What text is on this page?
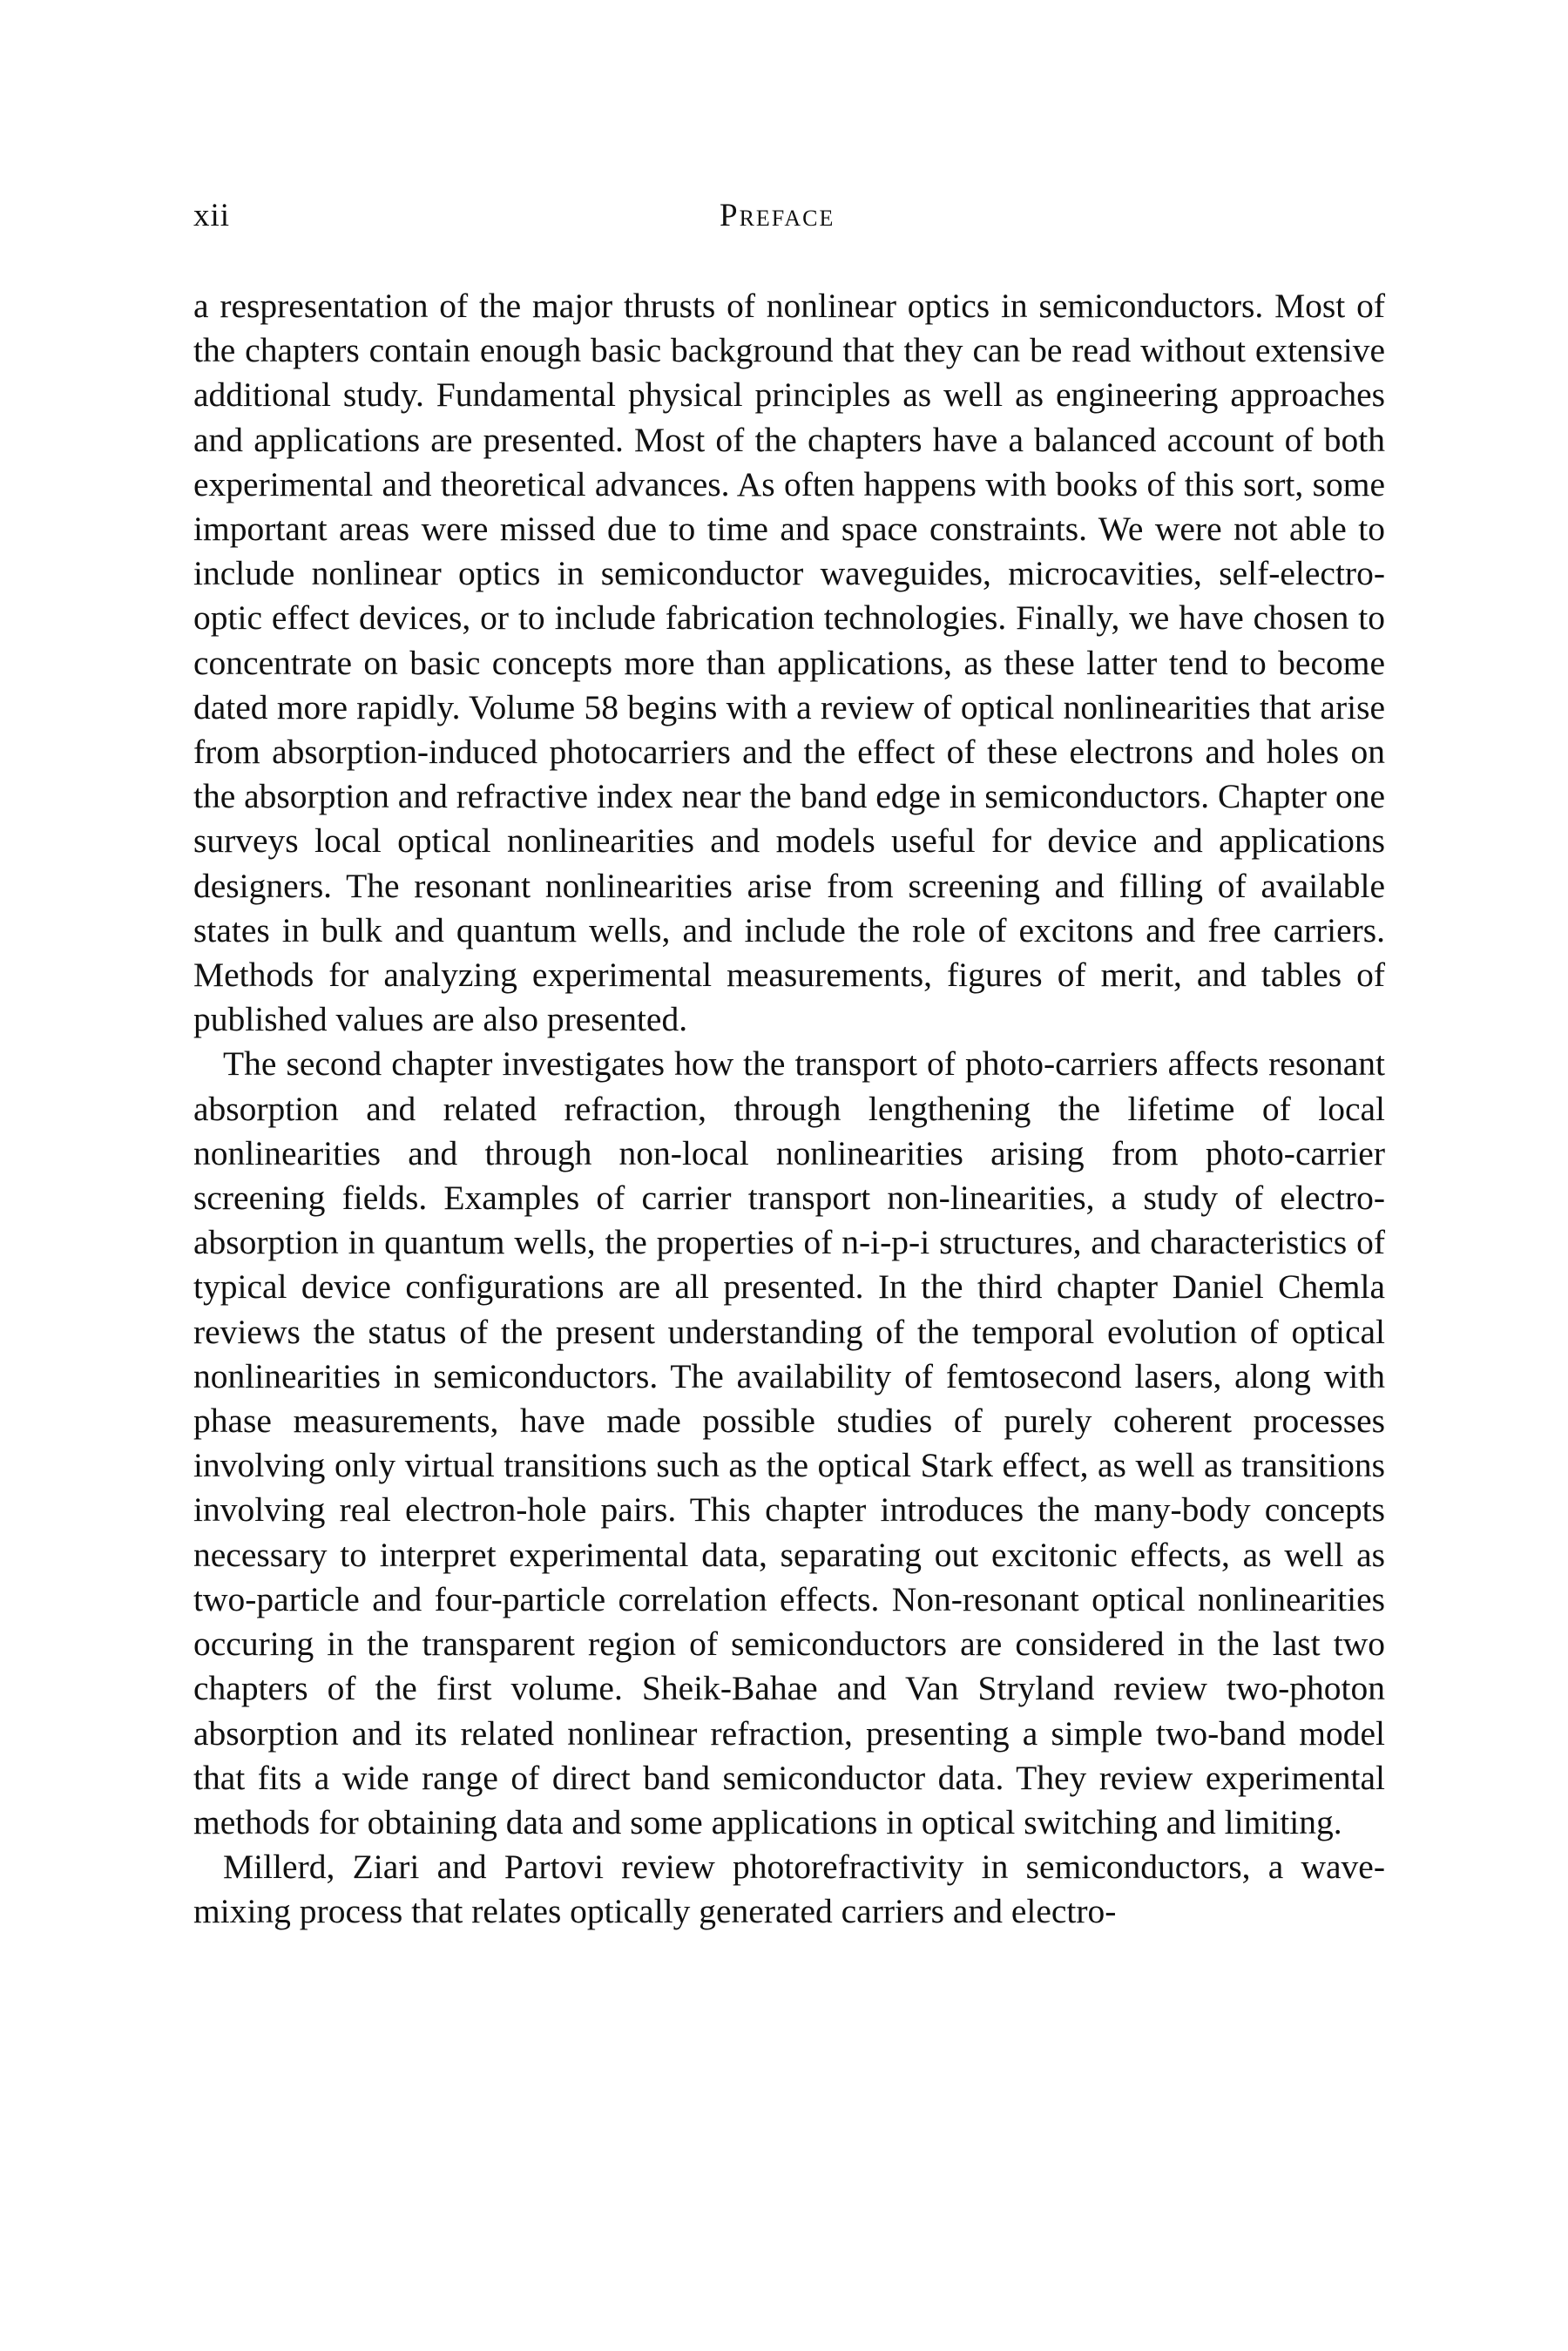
xii	Preface

a respresentation of the major thrusts of nonlinear optics in semiconductors. Most of the chapters contain enough basic background that they can be read without extensive additional study. Fundamental physical principles as well as engineering approaches and applications are presented. Most of the chapters have a balanced account of both experimental and theoretical advances. As often happens with books of this sort, some important areas were missed due to time and space constraints. We were not able to include nonlinear optics in semiconductor waveguides, microcavities, self-electro-optic effect devices, or to include fabrication technologies. Finally, we have chosen to concentrate on basic concepts more than applications, as these latter tend to become dated more rapidly. Volume 58 begins with a review of optical nonlinearities that arise from absorption-induced photocarriers and the effect of these electrons and holes on the absorption and refractive index near the band edge in semiconductors. Chapter one surveys local optical nonlinearities and models useful for device and applications designers. The resonant nonlinearities arise from screening and filling of available states in bulk and quantum wells, and include the role of excitons and free carriers. Methods for analyzing experimental measurements, figures of merit, and tables of published values are also presented.

The second chapter investigates how the transport of photo-carriers affects resonant absorption and related refraction, through lengthening the lifetime of local nonlinearities and through non-local nonlinearities arising from photo-carrier screening fields. Examples of carrier transport non-linearities, a study of electro-absorption in quantum wells, the properties of n-i-p-i structures, and characteristics of typical device configurations are all presented. In the third chapter Daniel Chemla reviews the status of the present understanding of the temporal evolution of optical nonlinearities in semiconductors. The availability of femtosecond lasers, along with phase measurements, have made possible studies of purely coherent processes involving only virtual transitions such as the optical Stark effect, as well as transitions involving real electron-hole pairs. This chapter introduces the many-body concepts necessary to interpret experimental data, separating out excitonic effects, as well as two-particle and four-particle correlation effects. Non-resonant optical nonlinearities occuring in the transparent region of semiconductors are considered in the last two chapters of the first volume. Sheik-Bahae and Van Stryland review two-photon absorption and its related nonlinear refraction, presenting a simple two-band model that fits a wide range of direct band semiconductor data. They review experimental methods for obtaining data and some applications in optical switching and limiting.

Millerd, Ziari and Partovi review photorefractivity in semiconductors, a wave-mixing process that relates optically generated carriers and electro-
